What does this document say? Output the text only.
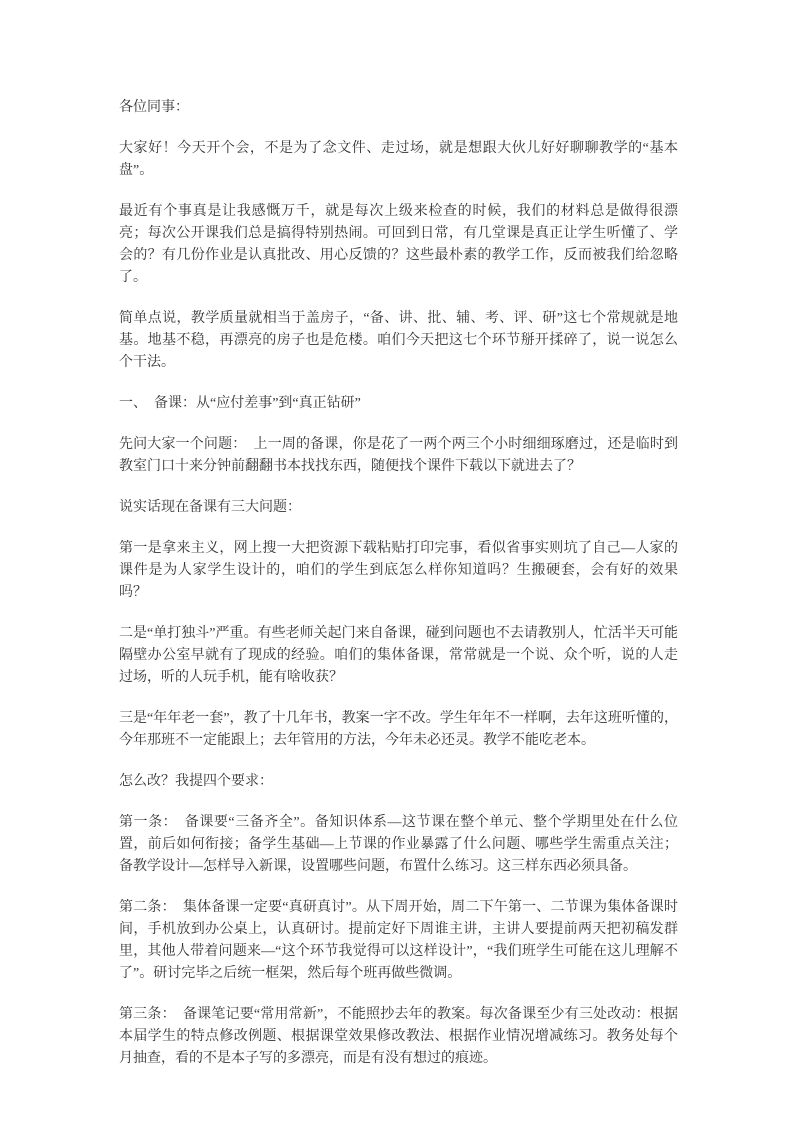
各位同事：

大家好！今天开个会，不是为了念文件、走过场，就是想跟大伙儿好好聊聊教学的“基本盘”。

最近有个事真是让我感慨万千，就是每次上级来检查的时候，我们的材料总是做得很漂亮；每次公开课我们总是搞得特别热闹。可回到日常，有几堂课是真正让学生听懂了、学会的？有几份作业是认真批改、用心反馈的？这些最朴素的教学工作，反而被我们给忽略了。

简单点说，教学质量就相当于盖房子，“备、讲、批、辅、考、评、研”这七个常规就是地基。地基不稳，再漂亮的房子也是危楼。咱们今天把这七个环节掰开揉碎了，说一说怎么个干法。

一、　备课：从“应付差事”到“真正钻研”

先问大家一个问题：　上一周的备课，你是花了一两个两三个小时细细琢磨过，还是临时到教室门口十来分钟前翻翻书本找找东西，随便找个课件下载以下就进去了？

说实话现在备课有三大问题：

第一是拿来主义，网上搜一大把资源下载粘贴打印完事，看似省事实则坑了自己—人家的课件是为人家学生设计的，咱们的学生到底怎么样你知道吗？生搬硬套，会有好的效果吗？

二是“单打独斗”严重。有些老师关起门来自备课，碰到问题也不去请教别人，忙活半天可能隔壁办公室早就有了现成的经验。咱们的集体备课，常常就是一个说、众个听，说的人走过场，听的人玩手机，能有啥收获？

三是“年年老一套”，教了十几年书，教案一字不改。学生年年不一样啊，去年这班听懂的，今年那班不一定能跟上；去年管用的方法，今年未必还灵。教学不能吃老本。

怎么改？我提四个要求：

第一条：　备课要“三备齐全”。备知识体系—这节课在整个单元、整个学期里处在什么位置，前后如何衔接；备学生基础—上节课的作业暴露了什么问题、哪些学生需重点关注；备教学设计—怎样导入新课，设置哪些问题，布置什么练习。这三样东西必须具备。

第二条：　集体备课一定要“真研真讨”。从下周开始，周二下午第一、二节课为集体备课时间，手机放到办公桌上，认真研讨。提前定好下周谁主讲，主讲人要提前两天把初稿发群里，其他人带着问题来—“这个环节我觉得可以这样设计”，“我们班学生可能在这儿理解不了”。研讨完毕之后统一框架，然后每个班再做些微调。

第三条：　备课笔记要“常用常新”，不能照抄去年的教案。每次备课至少有三处改动：根据本届学生的特点修改例题、根据课堂效果修改教法、根据作业情况增减练习。教务处每个月抽查，看的不是本子写的多漂亮，而是有没有想过的痕迹。
